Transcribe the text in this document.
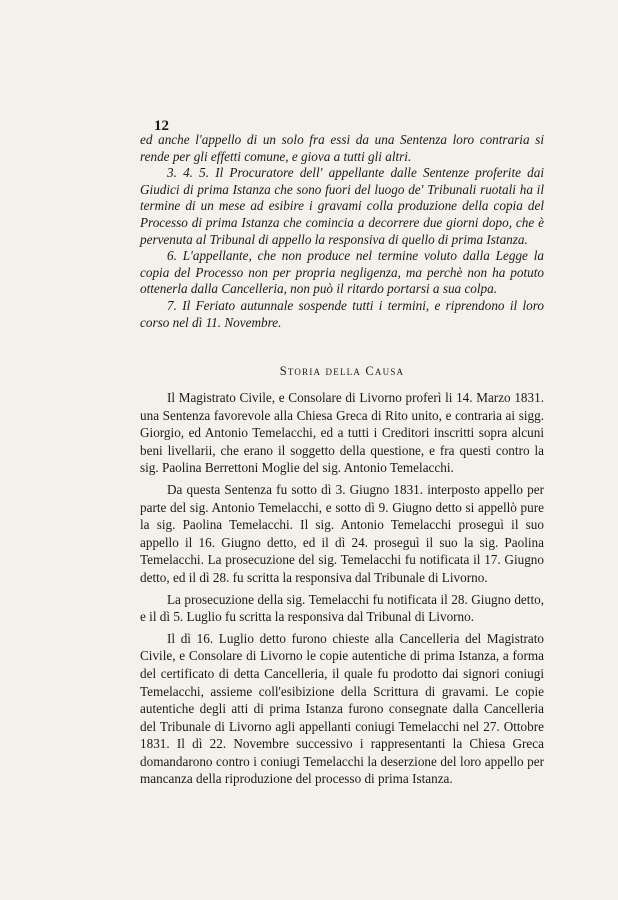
12

ed anche l'appello di un solo fra essi da una Sentenza loro contraria si rende per gli effetti comune, e giova a tutti gli altri.

3. 4. 5. Il Procuratore dell' appellante dalle Sentenze proferite dai Giudici di prima Istanza che sono fuori del luogo de' Tribunali ruotali ha il termine di un mese ad esibire i gravami colla produzione della copia del Processo di prima Istanza che comincia a decorrere due giorni dopo, che è pervenuta al Tribunal di appello la responsiva di quello di prima Istanza.

6. L'appellante, che non produce nel termine voluto dalla Legge la copia del Processo non per propria negligenza, ma perchè non ha potuto ottenerla dalla Cancelleria, non può il ritardo portarsi a sua colpa.

7. Il Feriato autunnale sospende tutti i termini, e riprendono il loro corso nel dì 11. Novembre.

Storia della Causa

Il Magistrato Civile, e Consolare di Livorno proferì li 14. Marzo 1831. una Sentenza favorevole alla Chiesa Greca di Rito unito, e contraria ai sigg. Giorgio, ed Antonio Temelacchi, ed a tutti i Creditori inscritti sopra alcuni beni livellarii, che erano il soggetto della questione, e fra questi contro la sig. Paolina Berrettoni Moglie del sig. Antonio Temelacchi.

Da questa Sentenza fu sotto dì 3. Giugno 1831. interposto appello per parte del sig. Antonio Temelacchi, e sotto dì 9. Giugno detto si appellò pure la sig. Paolina Temelacchi. Il sig. Antonio Temelacchi proseguì il suo appello il 16. Giugno detto, ed il dì 24. proseguì il suo la sig. Paolina Temelacchi. La prosecuzione del sig. Temelacchi fu notificata il 17. Giugno detto, ed il dì 28. fu scritta la responsiva dal Tribunale di Livorno.

La prosecuzione della sig. Temelacchi fu notificata il 28. Giugno detto, e il dì 5. Luglio fu scritta la responsiva dal Tribunal di Livorno.

Il dì 16. Luglio detto furono chieste alla Cancelleria del Magistrato Civile, e Consolare di Livorno le copie autentiche di prima Istanza, a forma del certificato di detta Cancelleria, il quale fu prodotto dai signori coniugi Temelacchi, assieme coll'esibizione della Scrittura di gravami. Le copie autentiche degli atti di prima Istanza furono consegnate dalla Cancelleria del Tribunale di Livorno agli appellanti coniugi Temelacchi nel 27. Ottobre 1831. Il dì 22. Novembre successivo i rappresentanti la Chiesa Greca domandarono contro i coniugi Temelacchi la deserzione del loro appello per mancanza della riproduzione del processo di prima Istanza.
